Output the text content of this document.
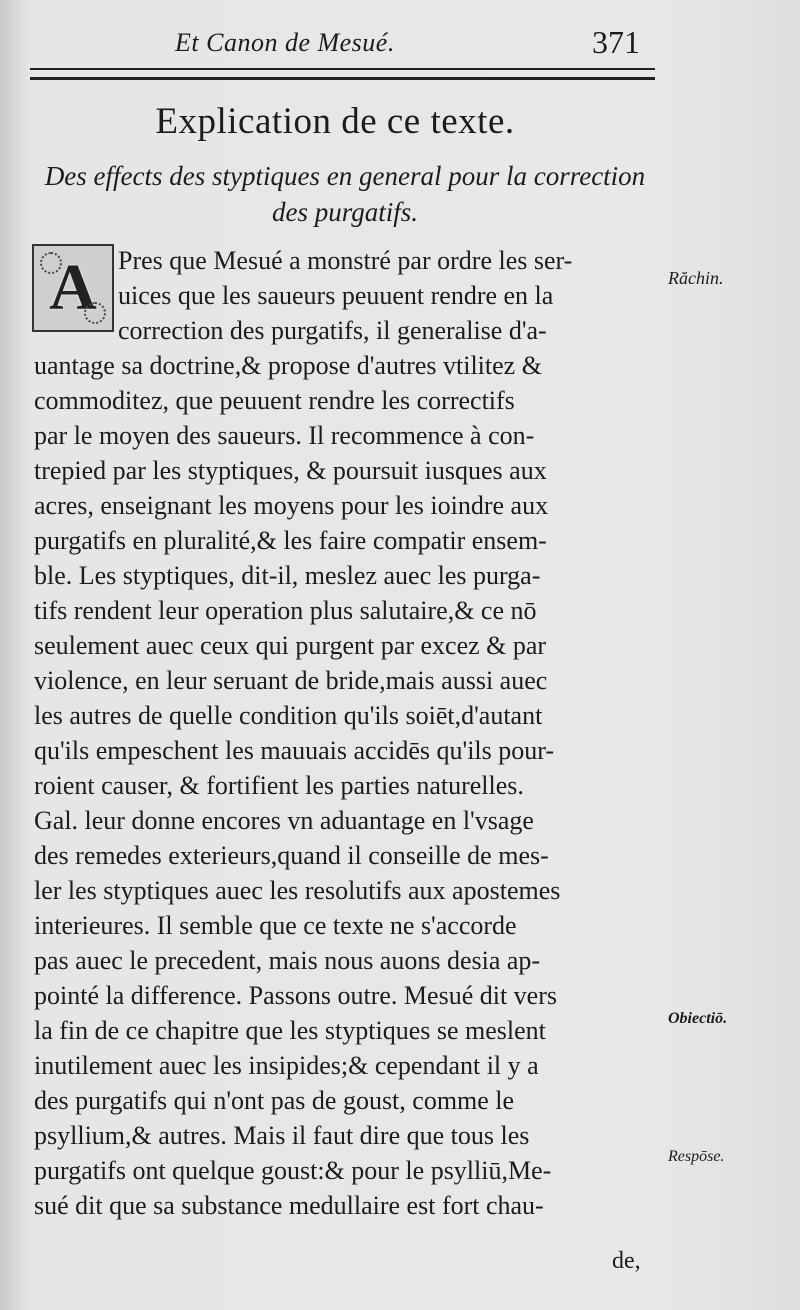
Et Canon de Mesué.	371
Explication de ce texte.
Des effects des styptiques en general pour la correction des purgatifs.
A Pres que Mesué a monstré par ordre les ser-
uices que les saueurs peuuent rendre en la
correction des purgatifs, il generalise d'a-
uantage sa doctrine,& propose d'autres vtilitez &
commoditez, que peuuent rendre les correctifs
par le moyen des saueurs. Il recommence à con-
trepied par les styptiques, & poursuit iusques aux
acres, enseignant les moyens pour les ioindre aux
purgatifs en pluralité,& les faire compatir ensem-
ble. Les styptiques, dit-il, meslez auec les purga-
tifs rendent leur operation plus salutaire,& ce nō
seulement auec ceux qui purgent par excez & par
violence, en leur seruant de bride,mais aussi auec
les autres de quelle condition qu'ils soiēt,d'autant
qu'ils empeschent les mauuais accidēs qu'ils pour-
roient causer, & fortifient les parties naturelles.
Gal. leur donne encores vn aduantage en l'vsage
des remedes exterieurs,quand il conseille de mes-
ler les styptiques auec les resolutifs aux apostemes
interieures. Il semble que ce texte ne s'accorde
pas auec le precedent, mais nous auons desia ap-
pointé la difference. Passons outre. Mesué dit vers
la fin de ce chapitre que les styptiques se meslent
inutilement auec les insipides;& cependant il y a
des purgatifs qui n'ont pas de goust, comme le
psyllium,& autres. Mais il faut dire que tous les
purgatifs ont quelque goust:& pour le psylliū,Me-
sué dit que sa substance medullaire est fort chau-
Răchin.
Obiectiō.
Respōse.
de,
